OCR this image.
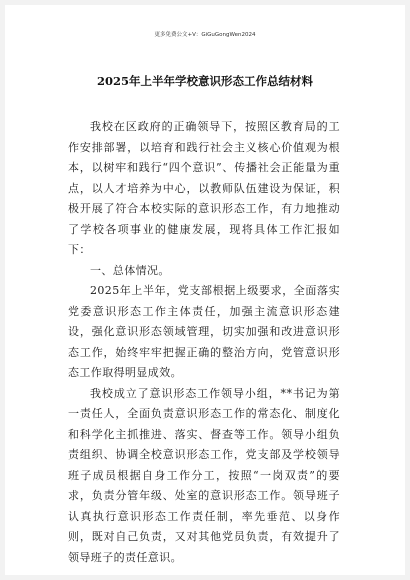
更多免费公文+V：GiGuGongWen2024
2025年上半年学校意识形态工作总结材料

我校在区政府的正确领导下，按照区教育局的工作安排部署，以培育和践行社会主义核心价值观为根本，以树牢和践行“四个意识”、传播社会正能量为重点，以人才培养为中心，以教师队伍建设为保证，积极开展了符合本校实际的意识形态工作，有力地推动了学校各项事业的健康发展，现将具体工作汇报如下：

一、总体情况。

2025年上半年，党支部根据上级要求，全面落实党委意识形态工作主体责任，加强主流意识形态建设，强化意识形态领域管理，切实加强和改进意识形态工作，始终牢牢把握正确的整治方向，党管意识形态工作取得明显成效。

我校成立了意识形态工作领导小组，**书记为第一责任人，全面负责意识形态工作的常态化、制度化和科学化主抓推进、落实、督查等工作。领导小组负责组织、协调全校意识形态工作，党支部及学校领导班子成员根据自身工作分工，按照“一岗双责”的要求，负责分管年级、处室的意识形态工作。领导班子认真执行意识形态工作责任制，率先垂范、以身作则，既对自己负责，又对其他党员负责，有效提升了领导班子的责任意识。
